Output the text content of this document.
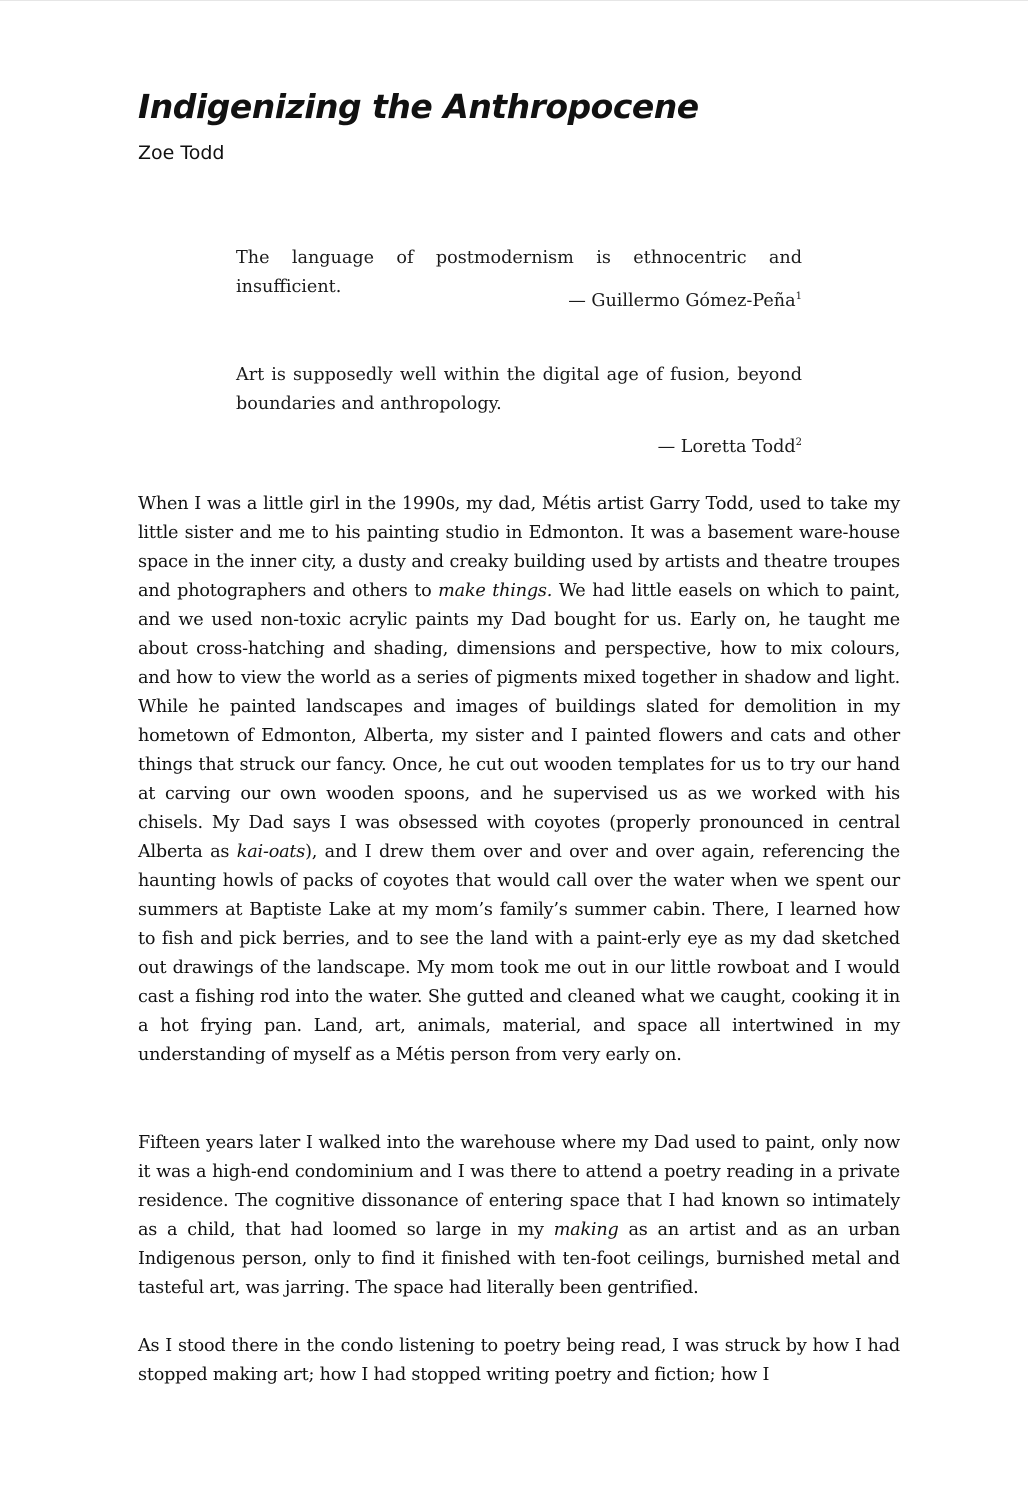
Indigenizing the Anthropocene

Zoe Todd

The language of postmodernism is ethnocentric and insufficient.

— Guillermo Gómez-Peña$^1$

Art is supposedly well within the digital age of fusion, beyond boundaries and anthropology.

— Loretta Todd$^2$

When I was a little girl in the 1990s, my dad, Métis artist Garry Todd, used to take my little sister and me to his painting studio in Edmonton. It was a basement ware-house space in the inner city, a dusty and creaky building used by artists and theatre troupes and photographers and others to make things. We had little easels on which to paint, and we used non-toxic acrylic paints my Dad bought for us. Early on, he taught me about cross-hatching and shading, dimensions and perspective, how to mix colours, and how to view the world as a series of pigments mixed together in shadow and light. While he painted landscapes and images of buildings slated for demolition in my hometown of Edmonton, Alberta, my sister and I painted flowers and cats and other things that struck our fancy. Once, he cut out wooden templates for us to try our hand at carving our own wooden spoons, and he supervised us as we worked with his chisels. My Dad says I was obsessed with coyotes (properly pronounced in central Alberta as kai-oats), and I drew them over and over and over again, referencing the haunting howls of packs of coyotes that would call over the water when we spent our summers at Baptiste Lake at my mom’s family’s summer cabin. There, I learned how to fish and pick berries, and to see the land with a paint-erly eye as my dad sketched out drawings of the landscape. My mom took me out in our little rowboat and I would cast a fishing rod into the water. She gutted and cleaned what we caught, cooking it in a hot frying pan. Land, art, animals, material, and space all intertwined in my understanding of myself as a Métis person from very early on.

Fifteen years later I walked into the warehouse where my Dad used to paint, only now it was a high-end condominium and I was there to attend a poetry reading in a private residence. The cognitive dissonance of entering space that I had known so intimately as a child, that had loomed so large in my making as an artist and as an urban Indigenous person, only to find it finished with ten-foot ceilings, burnished metal and tasteful art, was jarring. The space had literally been gentrified.

As I stood there in the condo listening to poetry being read, I was struck by how I had stopped making art; how I had stopped writing poetry and fiction; how I
